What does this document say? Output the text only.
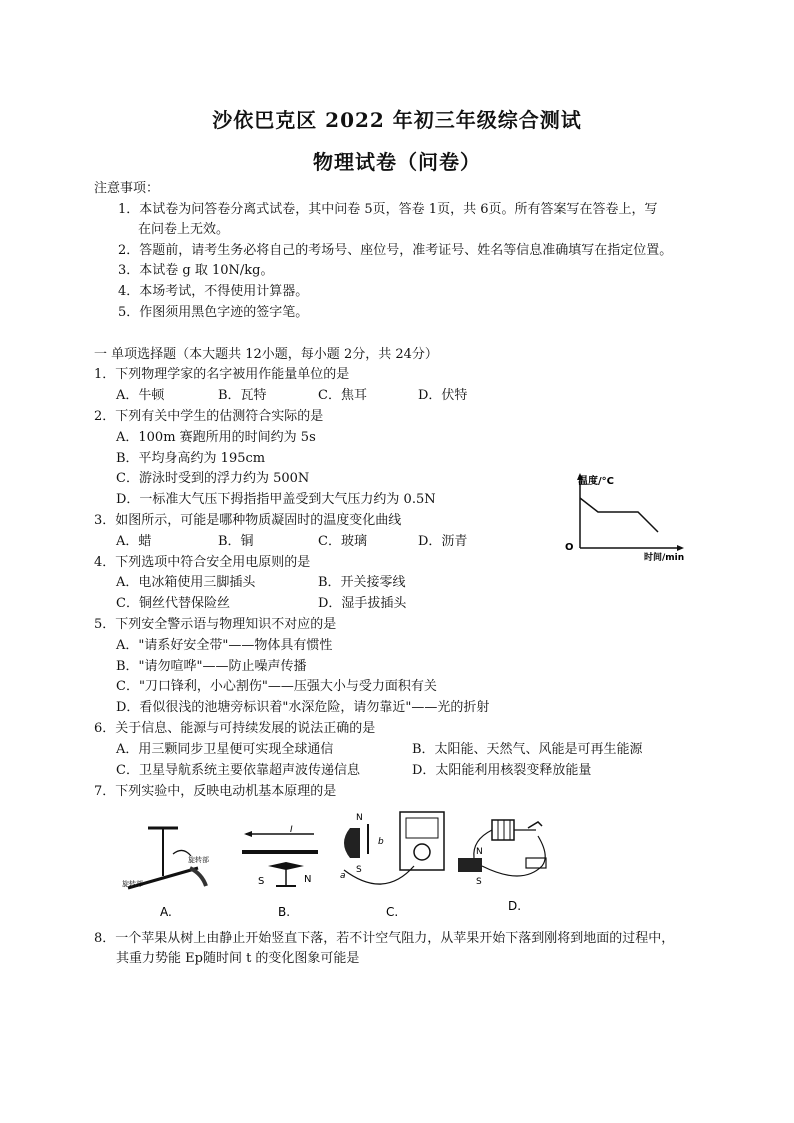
沙依巴克区 2022 年初三年级综合测试
物理试卷（问卷）
注意事项：
1．本试卷为问答卷分离式试卷，其中问卷 5页，答卷 1页，共 6页。所有答案写在答卷上，写
在问卷上无效。
2．答题前，请考生务必将自己的考场号、座位号，准考证号、姓名等信息准确填写在指定位置。
3．本试卷 g 取 10N/kg。
4．本场考试，不得使用计算器。
5．作图须用黑色字迹的签字笔。
一 单项选择题（本大题共 12小题，每小题 2分，共 24分）
1．下列物理学家的名字被用作能量单位的是
A．牛顿	B．瓦特	C．焦耳	D．伏特
2．下列有关中学生的估测符合实际的是
A．100m 赛跑所用的时间约为 5s
B．平均身高约为 195cm
C．游泳时受到的浮力约为 500N
D．一标准大气压下拇指指甲盖受到大气压力约为 0.5N
3．如图所示，可能是哪种物质凝固时的温度变化曲线
A．蜡	B．铜	C．玻璃	D．沥青
温度/°C
时间/min
O
4．下列选项中符合安全用电原则的是
A．电冰箱使用三脚插头	B．开关接零线
C．铜丝代替保险丝	D．湿手拔插头
5．下列安全警示语与物理知识不对应的是
A．"请系好安全带"——物体具有惯性
B．"请勿喧哗"——防止噪声传播
C．"刀口锋利，小心割伤"——压强大小与受力面积有关
D．看似很浅的池塘旁标识着"水深危险，请勿靠近"——光的折射
6．关于信息、能源与可持续发展的说法正确的是
A．用三颗同步卫星便可实现全球通信	B．太阳能、天然气、风能是可再生能源
C．卫星导航系统主要依靠超声波传递信息	D．太阳能利用核裂变释放能量
7．下列实验中，反映电动机基本原理的是
旋转部
旋转部
A.
I
S	N
B.
N
S
b
a
C.
N
S
D.
8．一个苹果从树上由静止开始竖直下落，若不计空气阻力，从苹果开始下落到刚将到地面的过程中，
其重力势能 Ep随时间 t 的变化图象可能是
